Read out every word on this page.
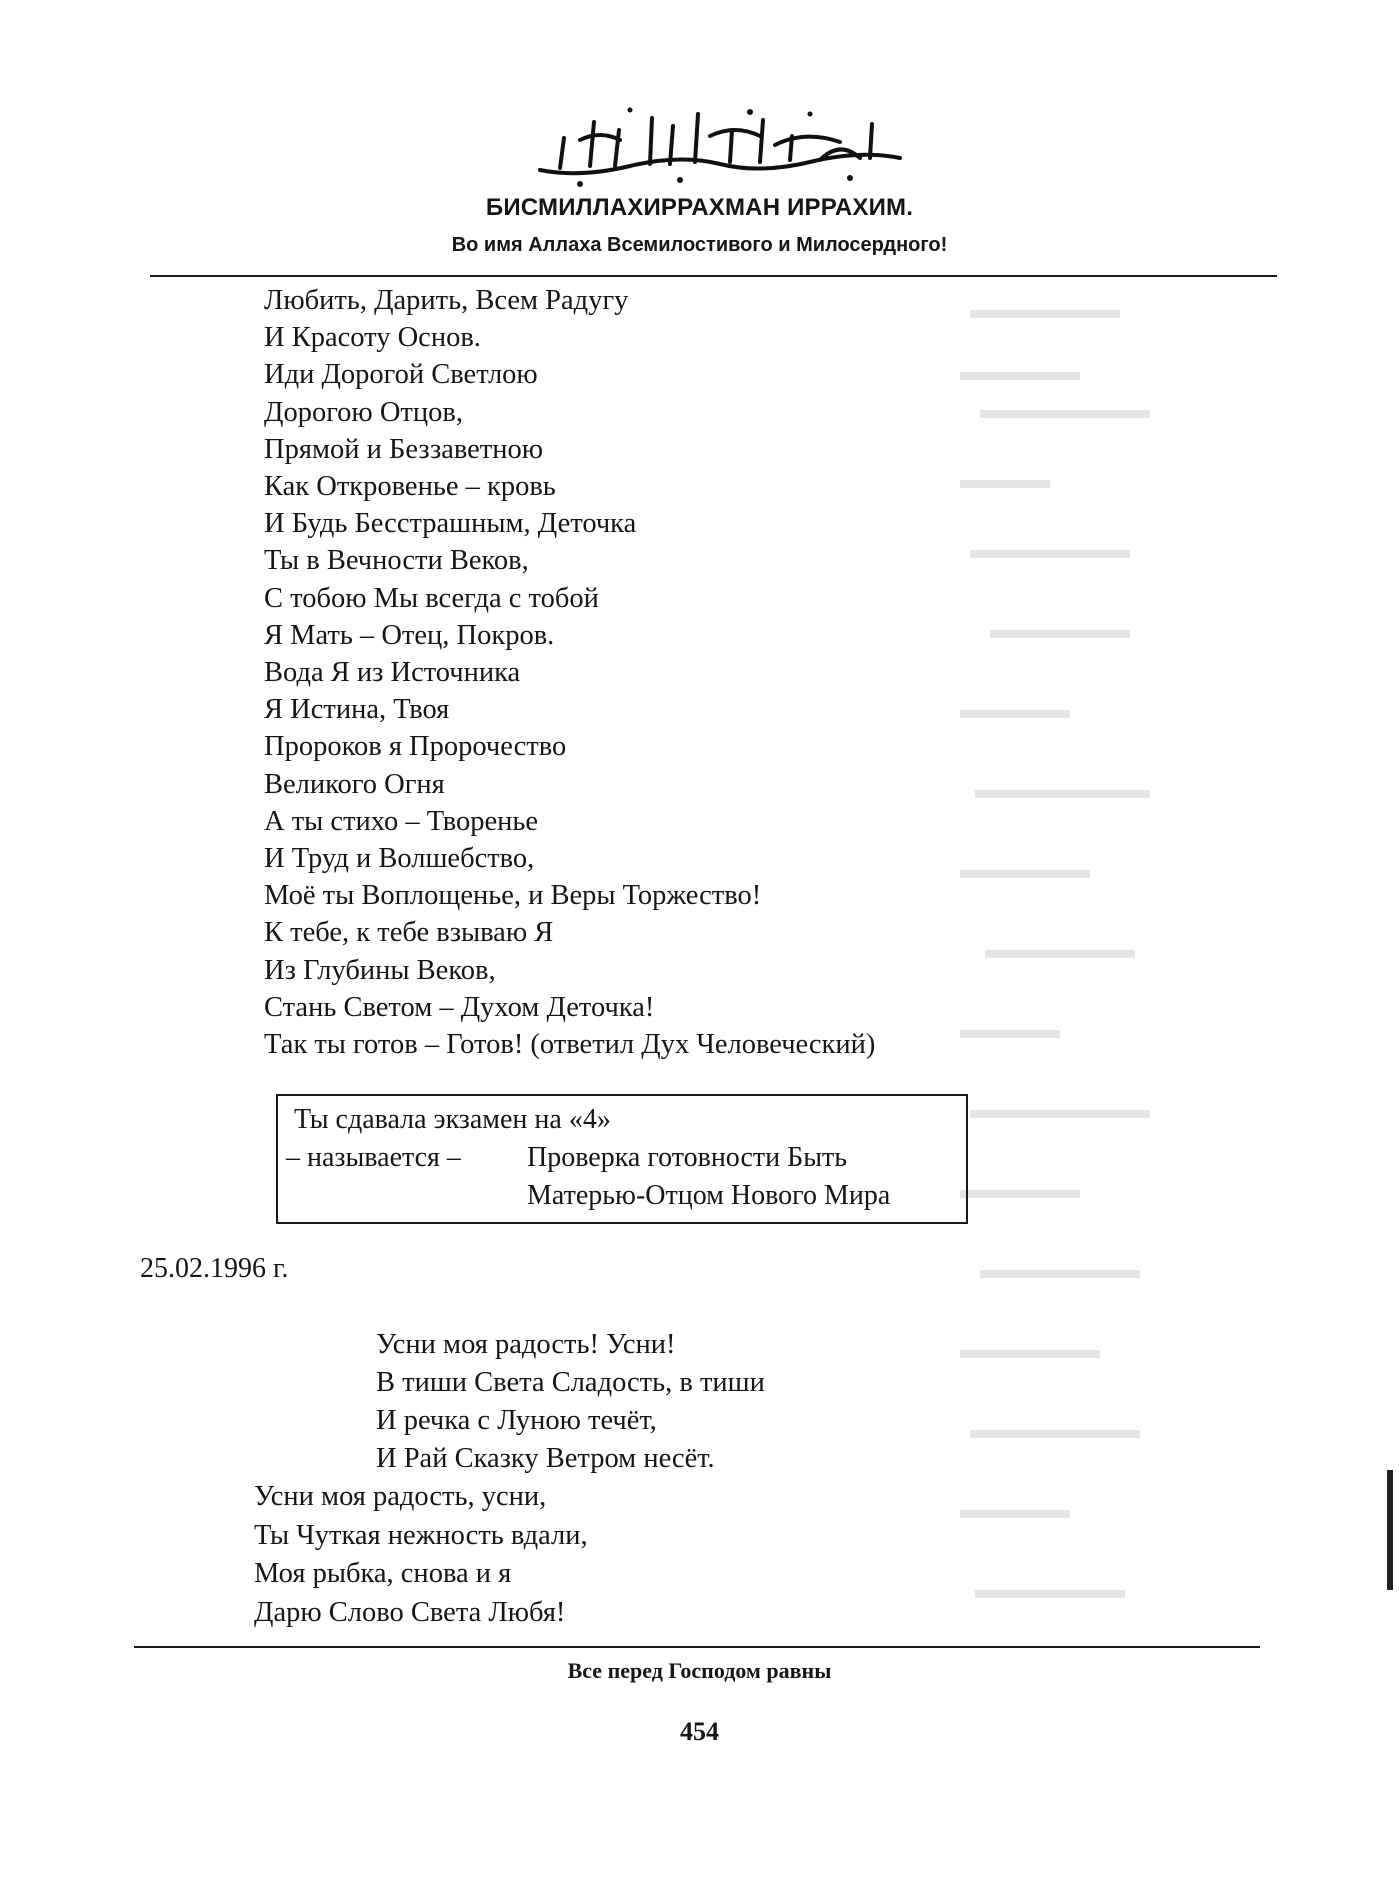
БИСМИЛЛАХИРРАХМАН ИРРАХИМ.
Во имя Аллаха Всемилостивого и Милосердного!
Любить, Дарить, Всем Радугу
И Красоту Основ.
Иди Дорогой Светлою
Дорогою Отцов,
Прямой и Беззаветною
Как Откровенье – кровь
И Будь Бесстрашным, Деточка
Ты в Вечности Веков,
С тобою Мы всегда с тобой
Я Мать – Отец, Покров.
Вода Я из Источника
Я Истина, Твоя
Пророков я Пророчество
Великого Огня
А ты стихо – Творенье
И Труд и Волшебство,
Моё ты Воплощенье, и Веры Торжество!
К тебе, к тебе взываю Я
Из Глубины Веков,
Стань Светом – Духом Деточка!
Так ты готов – Готов! (ответил Дух Человеческий)
Ты сдавала экзамен на «4»
– называется – Проверка готовности Быть
Матерью-Отцом Нового Мира
25.02.1996 г.
Усни моя радость! Усни!
В тиши Света Сладость, в тиши
И речка с Луною течёт,
И Рай Сказку Ветром несёт.
Усни моя радость, усни,
Ты Чуткая нежность вдали,
Моя рыбка, снова и я
Дарю Слово Света Любя!
Все перед Господом равны
454
